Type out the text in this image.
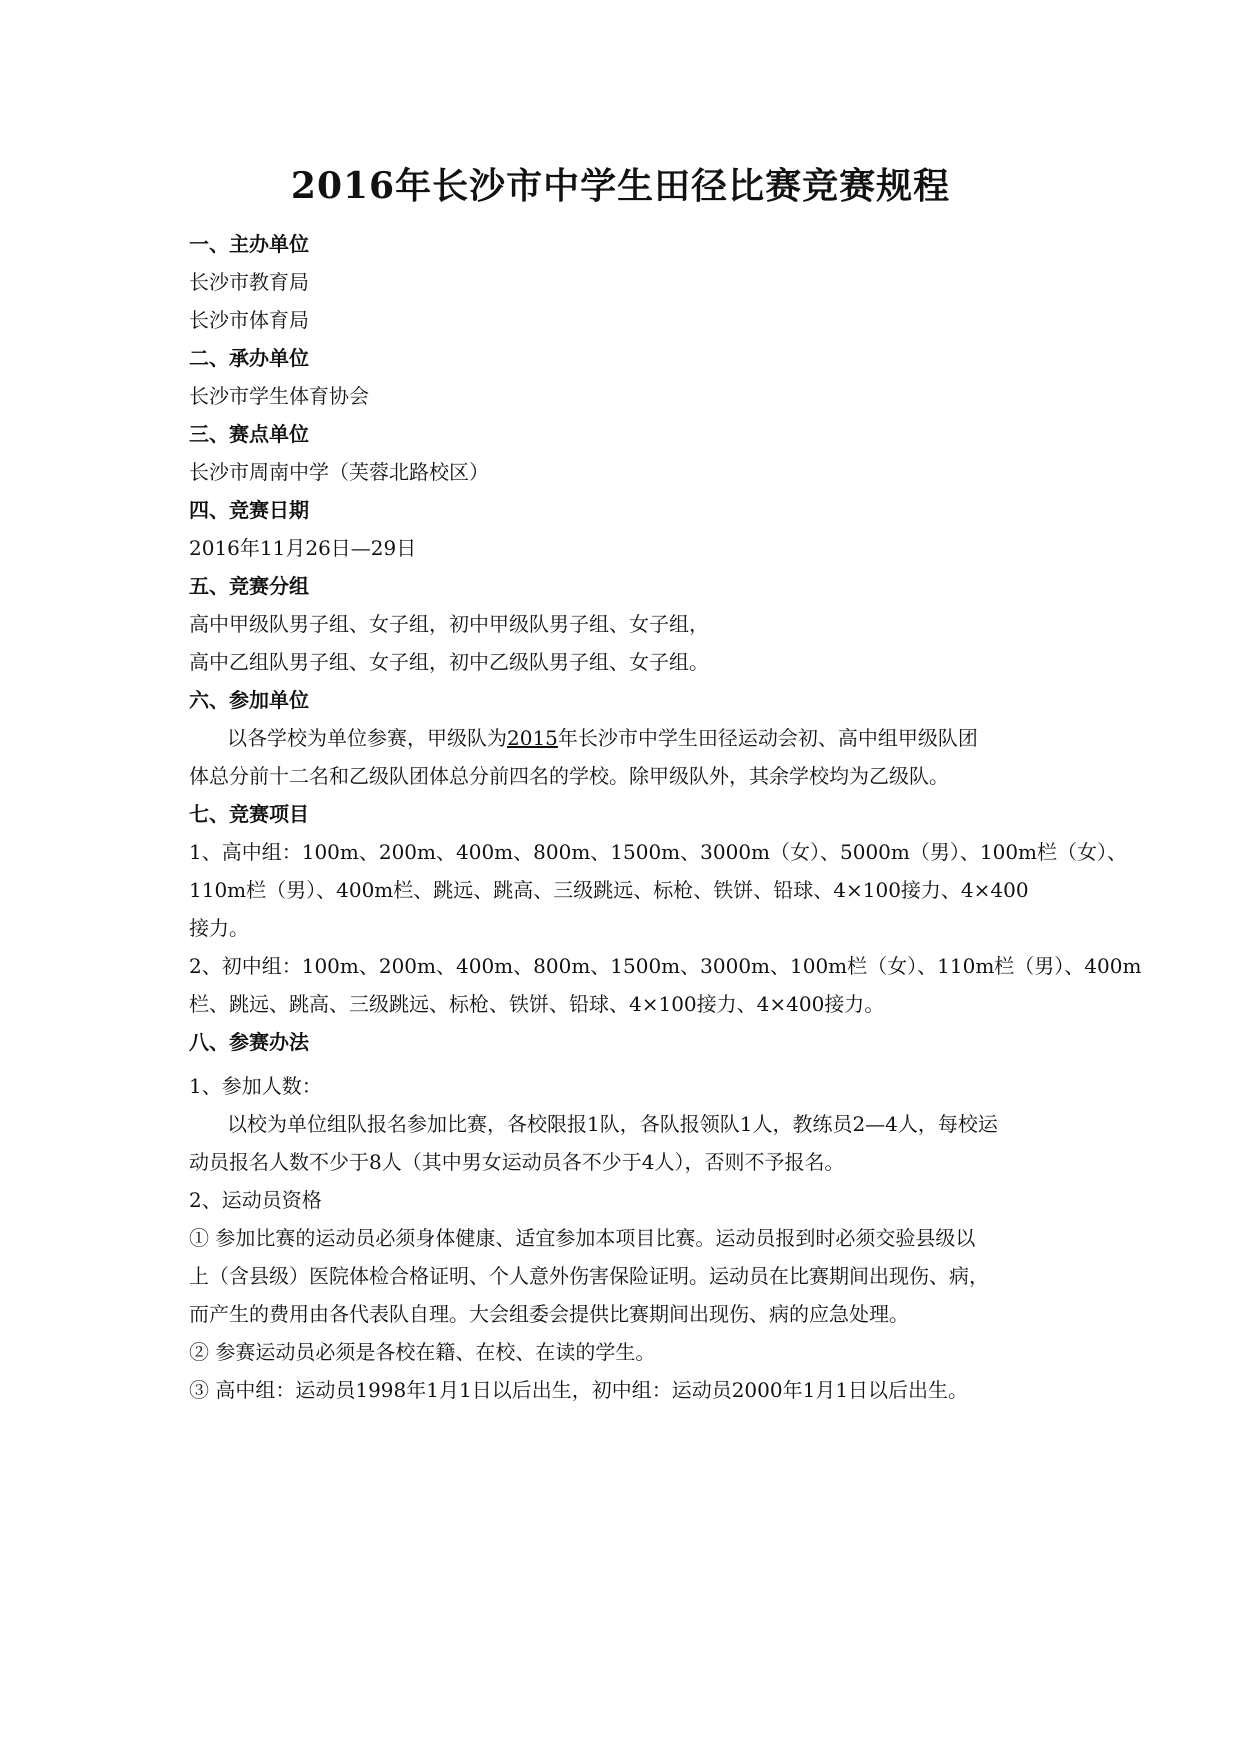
2016年长沙市中学生田径比赛竞赛规程
一、主办单位
长沙市教育局
长沙市体育局
二、承办单位
长沙市学生体育协会
三、赛点单位
长沙市周南中学（芙蓉北路校区）
四、竞赛日期
2016年11月26日—29日
五、竞赛分组
高中甲级队男子组、女子组，初中甲级队男子组、女子组，
高中乙组队男子组、女子组，初中乙级队男子组、女子组。
六、参加单位
以各学校为单位参赛，甲级队为2015年长沙市中学生田径运动会初、高中组甲级队团
体总分前十二名和乙级队团体总分前四名的学校。除甲级队外，其余学校均为乙级队。
七、竞赛项目
1、高中组：100m、200m、400m、800m、1500m、3000m（女）、5000m（男）、100m栏（女）、
110m栏（男）、400m栏、跳远、跳高、三级跳远、标枪、铁饼、铅球、4×100接力、4×400
接力。
2、初中组：100m、200m、400m、800m、1500m、3000m、100m栏（女）、110m栏（男）、400m
栏、跳远、跳高、三级跳远、标枪、铁饼、铅球、4×100接力、4×400接力。
八、参赛办法
1、参加人数：
以校为单位组队报名参加比赛，各校限报1队，各队报领队1人，教练员2—4人，每校运
动员报名人数不少于8人（其中男女运动员各不少于4人），否则不予报名。
2、运动员资格
① 参加比赛的运动员必须身体健康、适宜参加本项目比赛。运动员报到时必须交验县级以
上（含县级）医院体检合格证明、个人意外伤害保险证明。运动员在比赛期间出现伤、病，
而产生的费用由各代表队自理。大会组委会提供比赛期间出现伤、病的应急处理。
② 参赛运动员必须是各校在籍、在校、在读的学生。
③ 高中组：运动员1998年1月1日以后出生，初中组：运动员2000年1月1日以后出生。
